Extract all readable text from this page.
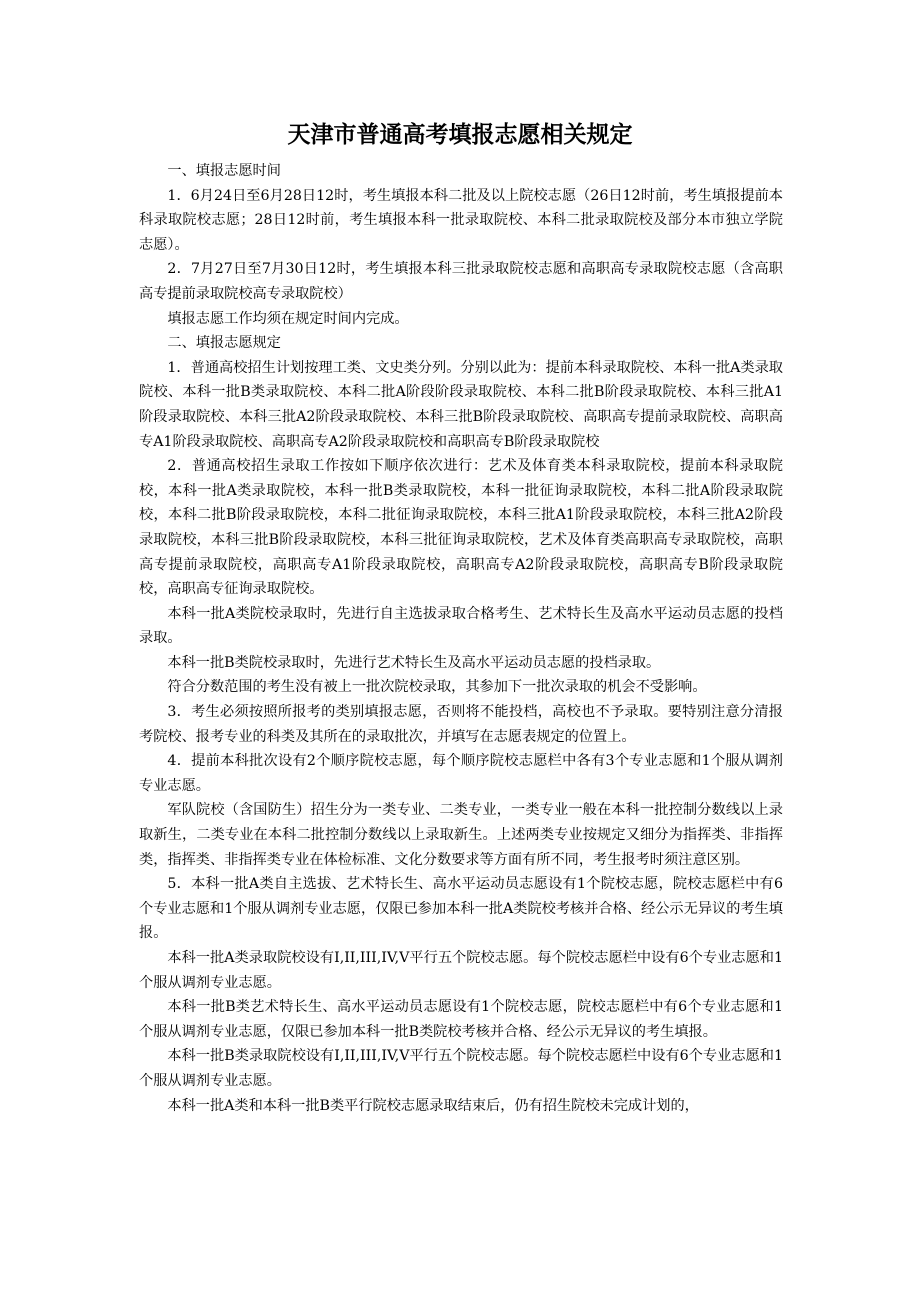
天津市普通高考填报志愿相关规定

一、填报志愿时间

1．6月24日至6月28日12时，考生填报本科二批及以上院校志愿（26日12时前，考生填报提前本科录取院校志愿；28日12时前，考生填报本科一批录取院校、本科二批录取院校及部分本市独立学院志愿）。

2．7月27日至7月30日12时，考生填报本科三批录取院校志愿和高职高专录取院校志愿（含高职高专提前录取院校高专录取院校）

填报志愿工作均须在规定时间内完成。

二、填报志愿规定

1．普通高校招生计划按理工类、文史类分列。分别以此为：提前本科录取院校、本科一批A类录取院校、本科一批B类录取院校、本科二批A阶段阶段录取院校、本科二批B阶段录取院校、本科三批A1阶段录取院校、本科三批A2阶段录取院校、本科三批B阶段录取院校、高职高专提前录取院校、高职高专A1阶段录取院校、高职高专A2阶段录取院校和高职高专B阶段录取院校

2．普通高校招生录取工作按如下顺序依次进行：艺术及体育类本科录取院校，提前本科录取院校，本科一批A类录取院校，本科一批B类录取院校，本科一批征询录取院校，本科二批A阶段录取院校，本科二批B阶段录取院校，本科二批征询录取院校，本科三批A1阶段录取院校，本科三批A2阶段录取院校，本科三批B阶段录取院校，本科三批征询录取院校，艺术及体育类高职高专录取院校，高职高专提前录取院校，高职高专A1阶段录取院校，高职高专A2阶段录取院校，高职高专B阶段录取院校，高职高专征询录取院校。

本科一批A类院校录取时，先进行自主选拔录取合格考生、艺术特长生及高水平运动员志愿的投档录取。

本科一批B类院校录取时，先进行艺术特长生及高水平运动员志愿的投档录取。

符合分数范围的考生没有被上一批次院校录取，其参加下一批次录取的机会不受影响。

3．考生必须按照所报考的类别填报志愿，否则将不能投档，高校也不予录取。要特别注意分清报考院校、报考专业的科类及其所在的录取批次，并填写在志愿表规定的位置上。

4．提前本科批次设有2个顺序院校志愿，每个顺序院校志愿栏中各有3个专业志愿和1个服从调剂专业志愿。

军队院校（含国防生）招生分为一类专业、二类专业，一类专业一般在本科一批控制分数线以上录取新生，二类专业在本科二批控制分数线以上录取新生。上述两类专业按规定又细分为指挥类、非指挥类，指挥类、非指挥类专业在体检标准、文化分数要求等方面有所不同，考生报考时须注意区别。

5．本科一批A类自主选拔、艺术特长生、高水平运动员志愿设有1个院校志愿，院校志愿栏中有6个专业志愿和1个服从调剂专业志愿，仅限已参加本科一批A类院校考核并合格、经公示无异议的考生填报。

本科一批A类录取院校设有I,II,III,IV,V平行五个院校志愿。每个院校志愿栏中设有6个专业志愿和1个服从调剂专业志愿。

本科一批B类艺术特长生、高水平运动员志愿设有1个院校志愿，院校志愿栏中有6个专业志愿和1个服从调剂专业志愿，仅限已参加本科一批B类院校考核并合格、经公示无异议的考生填报。

本科一批B类录取院校设有I,II,III,IV,V平行五个院校志愿。每个院校志愿栏中设有6个专业志愿和1个服从调剂专业志愿。

本科一批A类和本科一批B类平行院校志愿录取结束后，仍有招生院校未完成计划的，
